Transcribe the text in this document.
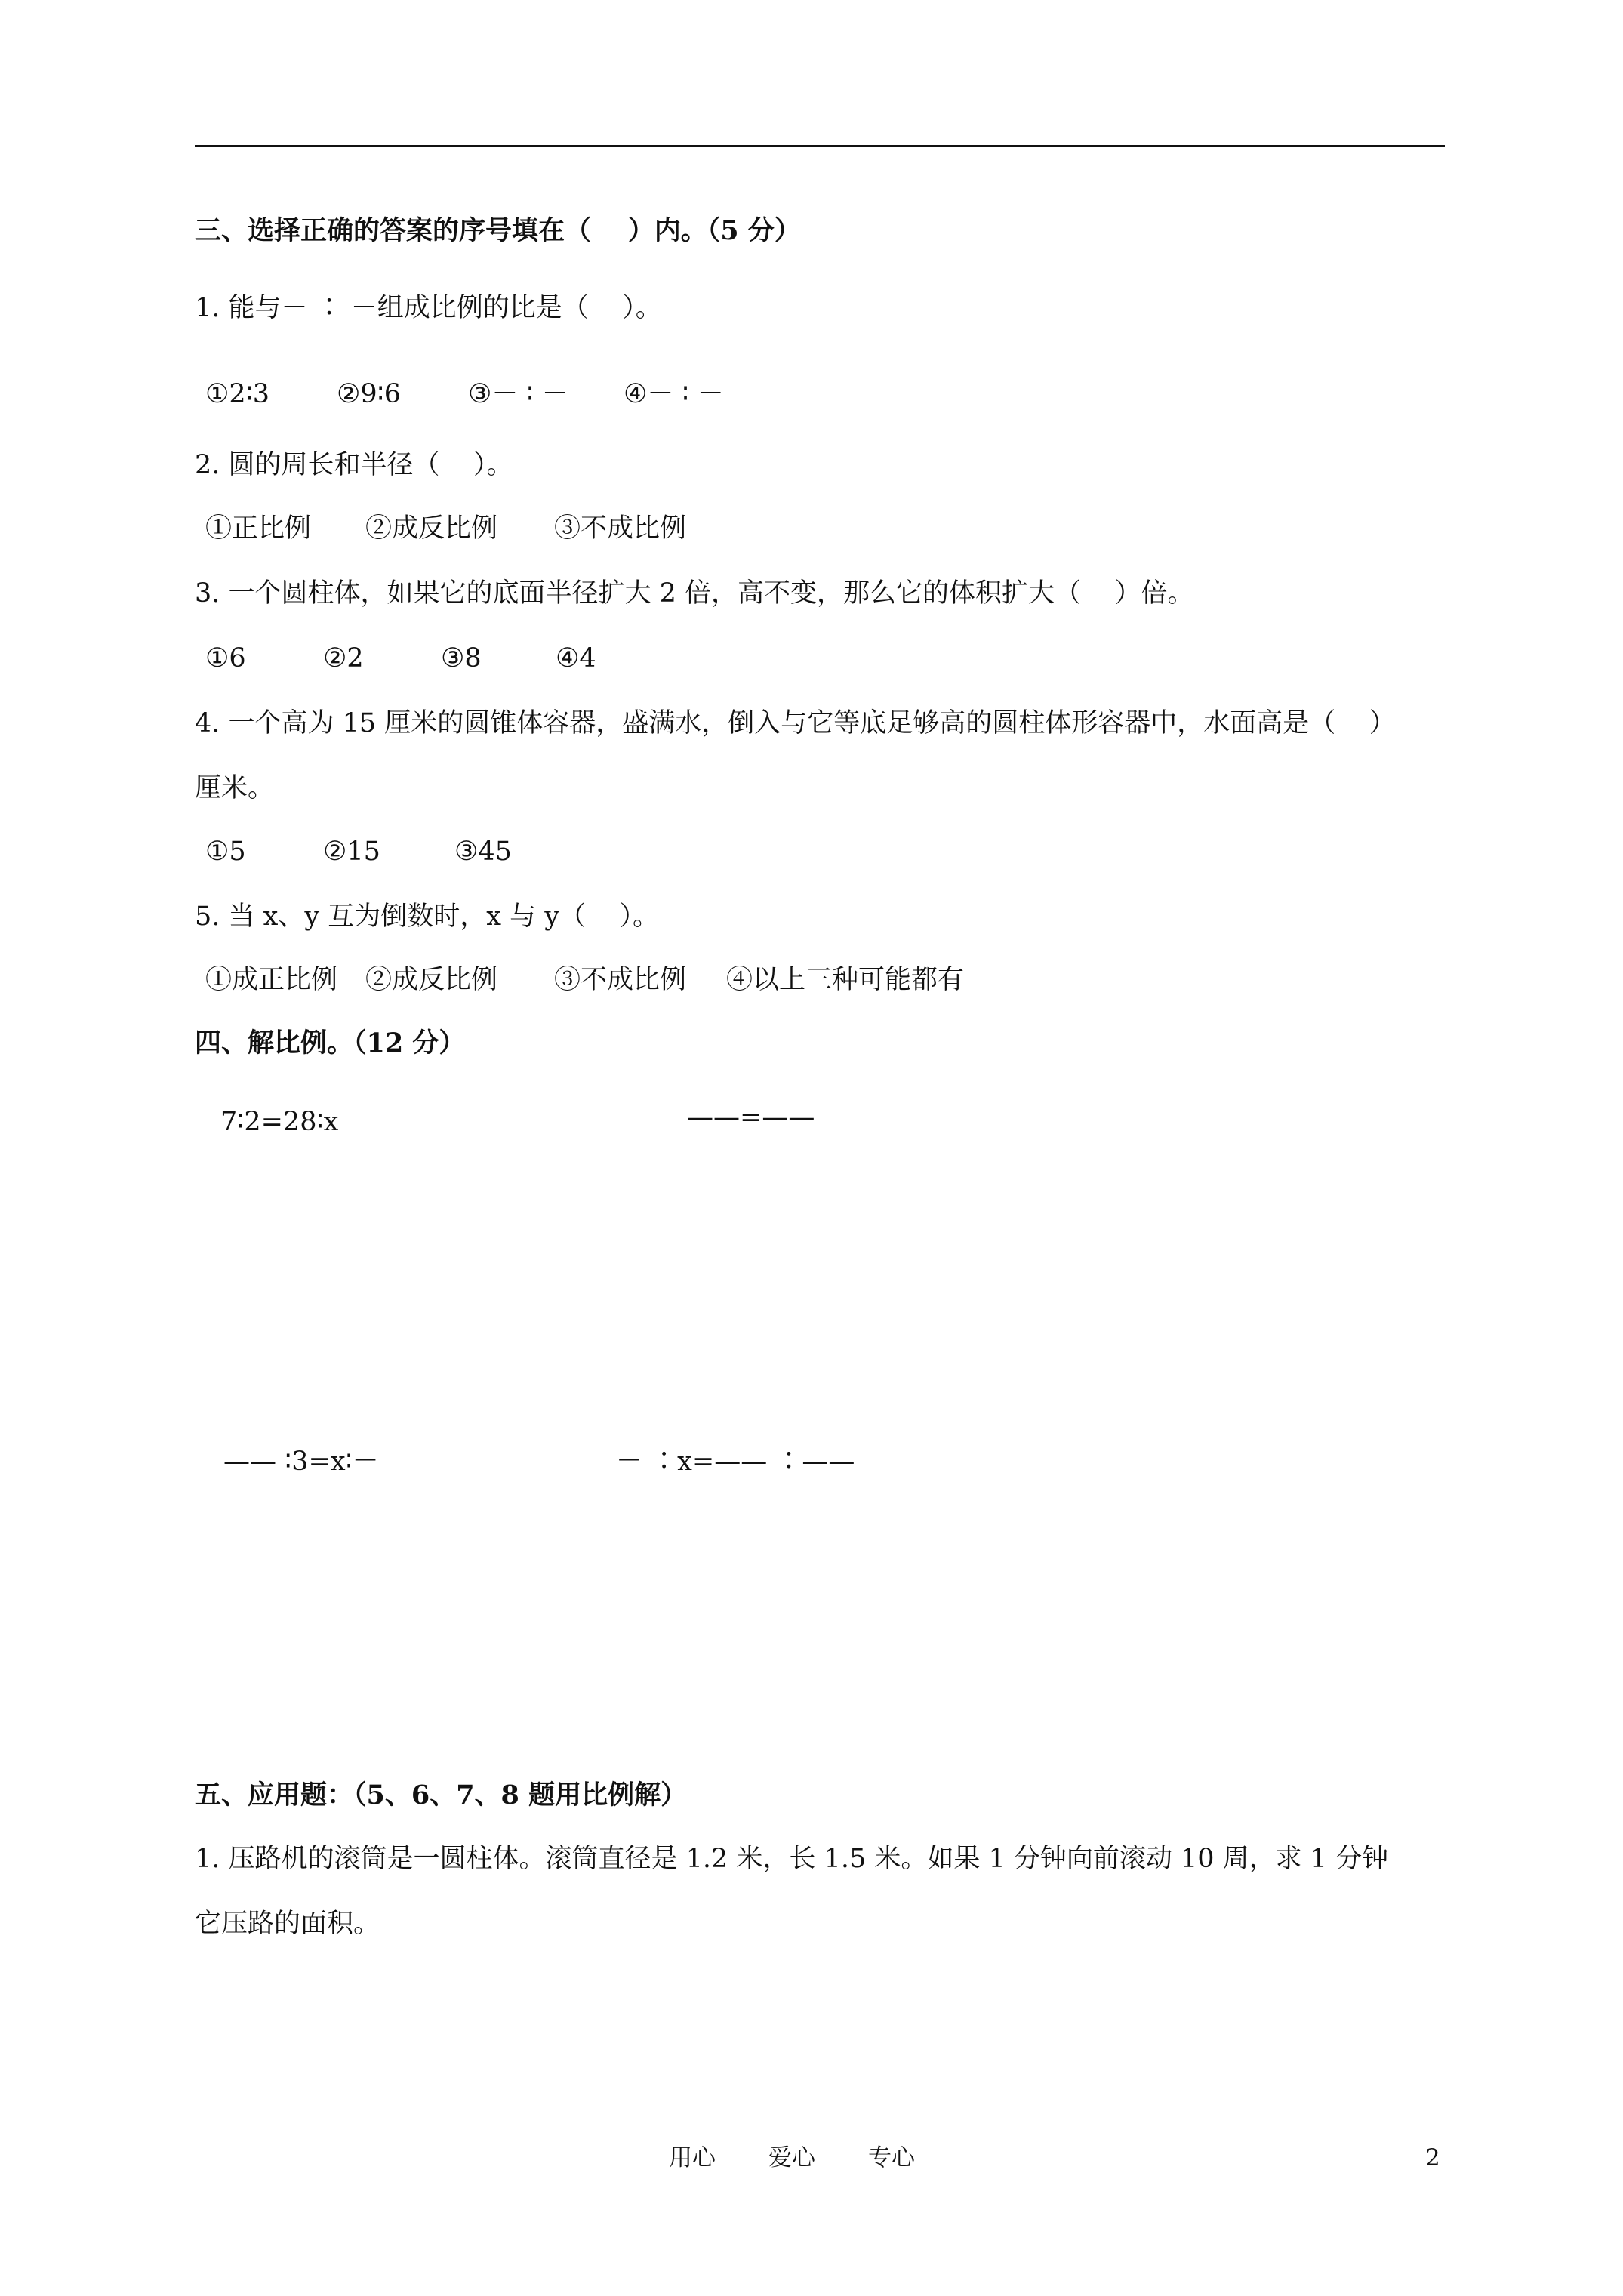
三、选择正确的答案的序号填在（    ）内。（5 分）
1. 能与－ ∶ －组成比例的比是（    ）。
①2∶3	②9∶6	③－ ∶ － ④－ ∶ －
2. 圆的周长和半径（    ）。
①正比例 ②成反比例 ③不成比例
3. 一个圆柱体，如果它的底面半径扩大 2 倍，高不变，那么它的体积扩大（    ）倍。
①6	②2	③8	④4
4. 一个高为 15 厘米的圆锥体容器，盛满水，倒入与它等底足够高的圆柱体形容器中，水面高是（    ）
厘米。
①5	②15	③45
5. 当 x、y 互为倒数时，x 与 y（    ）。
①成正比例 ②成反比例 ③不成比例 ④以上三种可能都有
四、解比例。（12 分）
7∶2=28∶x	——=——
—— ∶3=x∶－	－ ∶x=—— ∶——
五、应用题：（5、6、7、8 题用比例解）
1. 压路机的滚筒是一圆柱体。滚筒直径是 1.2 米，长 1.5 米。如果 1 分钟向前滚动 10 周，求 1 分钟
它压路的面积。
用心 爱心 专心	2
